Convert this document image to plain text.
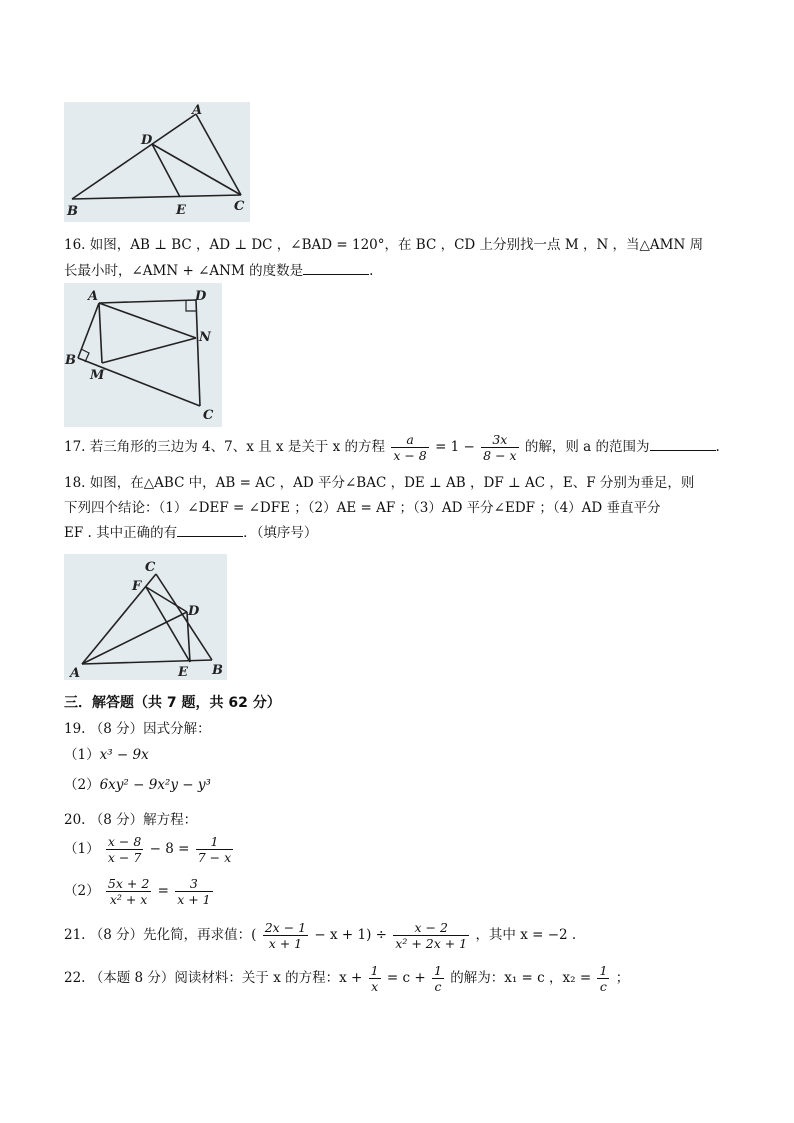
A
B	C
D
E
16. 如图，AB ⊥ BC ，AD ⊥ DC ，∠BAD = 120°，在 BC ，CD 上分别找一点 M ，N ，当△AMN 周
长最小时，∠AMN + ∠ANM 的度数是	.
A	D
B
M
N
C
17. 若三角形的三边为 4、7、x 且 x 是关于 x 的方程 $\frac{a}{x - 8} = 1 - \frac{3x}{8 - x}$ 的解，则 a 的范围为	.
18. 如图，在△ABC 中，AB = AC ，AD 平分∠BAC ，DE ⊥ AB ，DF ⊥ AC ，E、F 分别为垂足，则
下列四个结论：（1）∠DEF = ∠DFE ；（2）AE = AF ；（3）AD 平分∠EDF ；（4）AD 垂直平分
EF . 其中正确的有	．（填序号）
C
F
D
A	E B
三．解答题（共 7 题，共 62 分）
19. （8 分）因式分解：
（1）x³ − 9x
（2）6xy² − 9x²y − y³
20. （8 分）解方程：
$(1) \frac{x - 8}{x - 7} - 8 = \frac{1}{7 - x}$
$(2) \frac{5x + 2}{\text{x² + x}} = \frac{3}{x + 1}$
21. （8 分）先化简，再求值：( $\frac{2x - 1}{x + 1} - x + 1) \div \frac{x - 2}{\text{x² + 2x + 1}}$ ，其中 x = −2 .
22. （本题 8 分）阅读材料：关于 x 的方程：$x + \frac{1}{x} = c + \frac{1}{c}$ 的解为：x₁ = c ，$x_2 = \frac{1}{c}$ ；
